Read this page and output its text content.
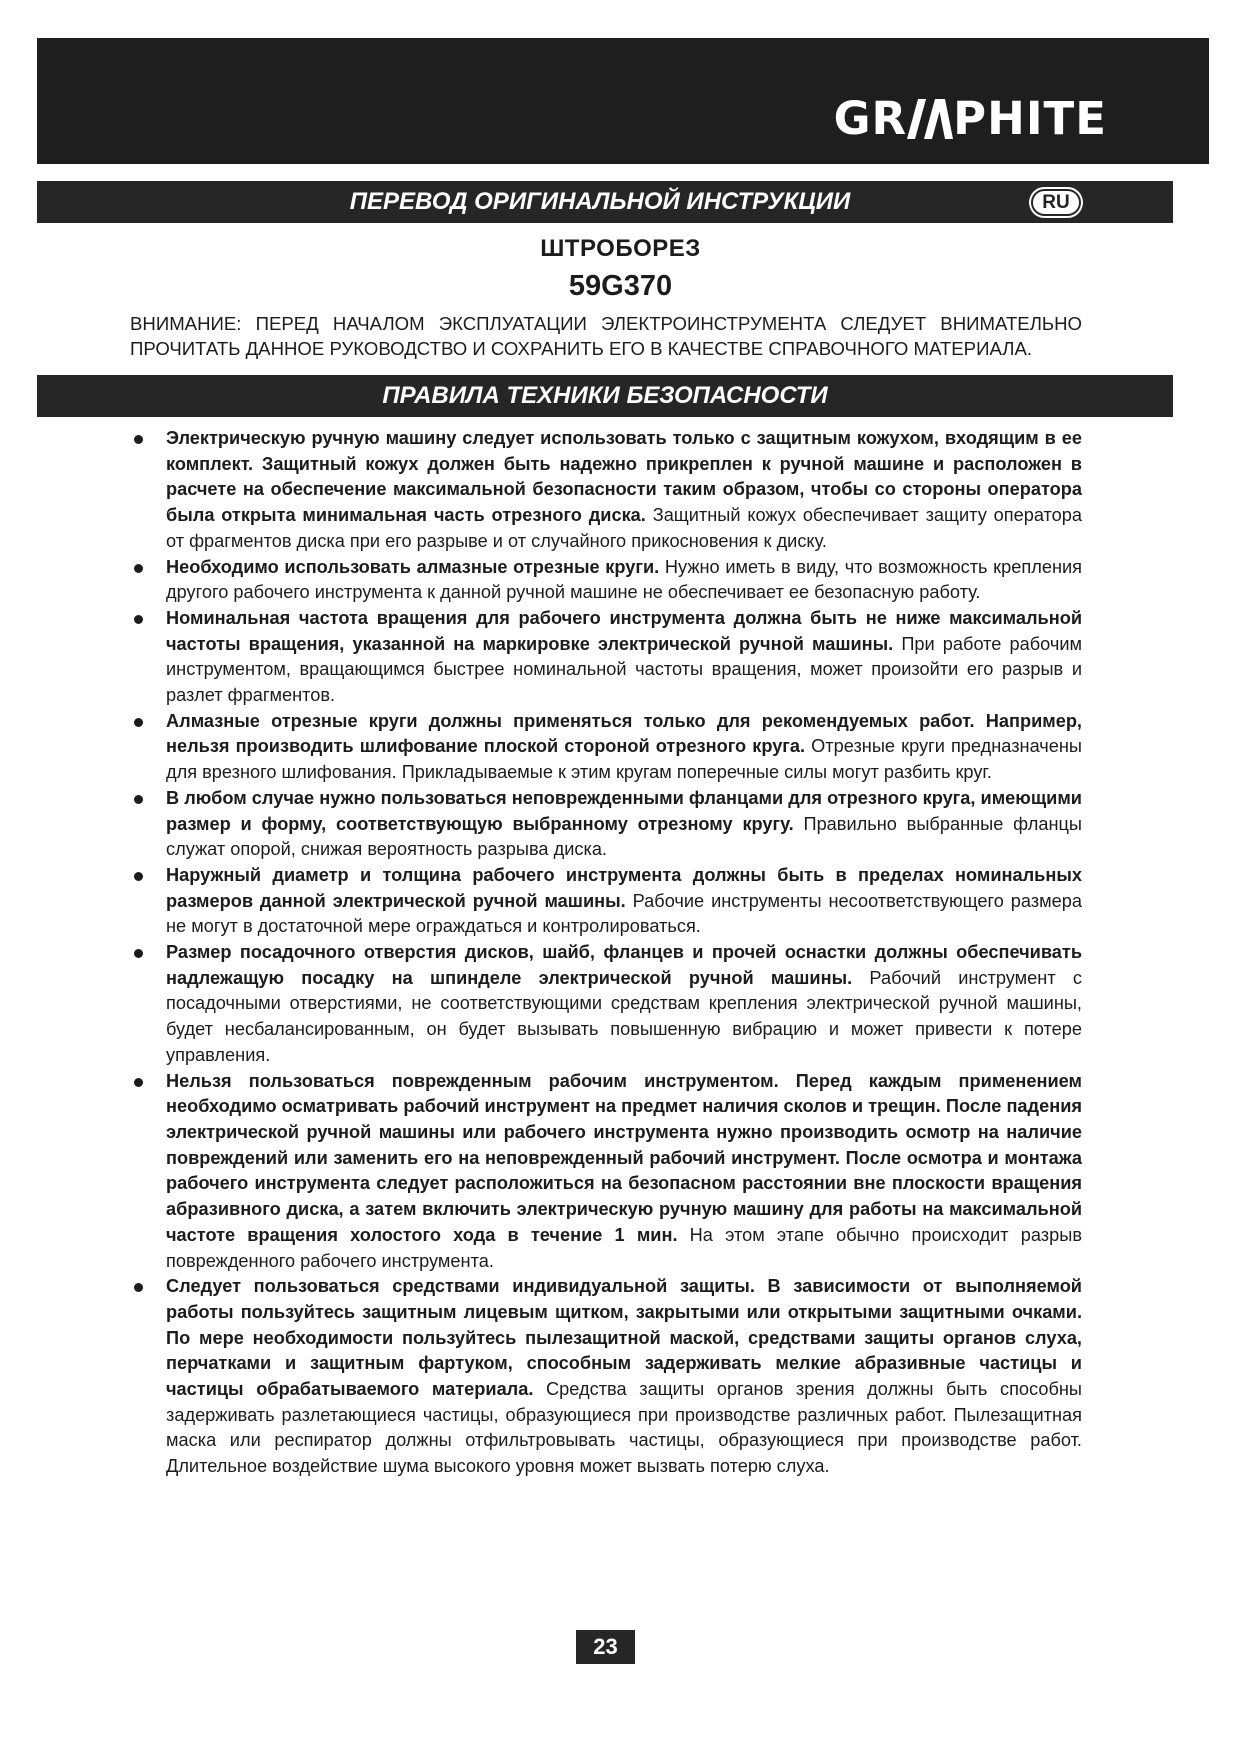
GR PHITE
ПЕРЕВОД ОРИГИНАЛЬНОЙ ИНСТРУКЦИИ	RU
ШТРОБОРЕЗ
59G370
ВНИМАНИЕ: ПЕРЕД НАЧАЛОМ ЭКСПЛУАТАЦИИ ЭЛЕКТРОИНСТРУМЕНТА СЛЕДУЕТ ВНИМАТЕЛЬНО
ПРОЧИТАТЬ ДАННОЕ РУКОВОДСТВО И СОХРАНИТЬ ЕГО В КАЧЕСТВЕ СПРАВОЧНОГО МАТЕРИАЛА.
ПРАВИЛА ТЕХНИКИ БЕЗОПАСНОСТИ
Электрическую ручную машину следует использовать только с защитным кожухом, входящим в ее комплект. Защитный кожух должен быть надежно прикреплен к ручной машине и расположен в расчете на обеспечение максимальной безопасности таким образом, чтобы со стороны оператора была открыта минимальная часть отрезного диска. Защитный кожух обеспечивает защиту оператора от фрагментов диска при его разрыве и от случайного прикосновения к диску.
Необходимо использовать алмазные отрезные круги. Нужно иметь в виду, что возможность крепления другого рабочего инструмента к данной ручной машине не обеспечивает ее безопасную работу.
Номинальная частота вращения для рабочего инструмента должна быть не ниже максимальной частоты вращения, указанной на маркировке электрической ручной машины. При работе рабочим инструментом, вращающимся быстрее номинальной частоты вращения, может произойти его разрыв и разлет фрагментов.
Алмазные отрезные круги должны применяться только для рекомендуемых работ. Например, нельзя производить шлифование плоской стороной отрезного круга. Отрезные круги предназначены для врезного шлифования. Прикладываемые к этим кругам поперечные силы могут разбить круг.
В любом случае нужно пользоваться неповрежденными фланцами для отрезного круга, имеющими размер и форму, соответствующую выбранному отрезному кругу. Правильно выбранные фланцы служат опорой, снижая вероятность разрыва диска.
Наружный диаметр и толщина рабочего инструмента должны быть в пределах номинальных размеров данной электрической ручной машины. Рабочие инструменты несоответствующего размера не могут в достаточной мере ограждаться и контролироваться.
Размер посадочного отверстия дисков, шайб, фланцев и прочей оснастки должны обеспечивать надлежащую посадку на шпинделе электрической ручной машины. Рабочий инструмент с посадочными отверстиями, не соответствующими средствам крепления электрической ручной машины, будет несбалансированным, он будет вызывать повышенную вибрацию и может привести к потере управления.
Нельзя пользоваться поврежденным рабочим инструментом. Перед каждым применением необходимо осматривать рабочий инструмент на предмет наличия сколов и трещин. После падения электрической ручной машины или рабочего инструмента нужно производить осмотр на наличие повреждений или заменить его на неповрежденный рабочий инструмент. После осмотра и монтажа рабочего инструмента следует расположиться на безопасном расстоянии вне плоскости вращения абразивного диска, а затем включить электрическую ручную машину для работы на максимальной частоте вращения холостого хода в течение 1 мин. На этом этапе обычно происходит разрыв поврежденного рабочего инструмента.
Следует пользоваться средствами индивидуальной защиты. В зависимости от выполняемой работы пользуйтесь защитным лицевым щитком, закрытыми или открытыми защитными очками. По мере необходимости пользуйтесь пылезащитной маской, средствами защиты органов слуха, перчатками и защитным фартуком, способным задерживать мелкие абразивные частицы и частицы обрабатываемого материала. Средства защиты органов зрения должны быть способны задерживать разлетающиеся частицы, образующиеся при производстве различных работ. Пылезащитная маска или респиратор должны отфильтровывать частицы, образующиеся при производстве работ. Длительное воздействие шума высокого уровня может вызвать потерю слуха.
23
